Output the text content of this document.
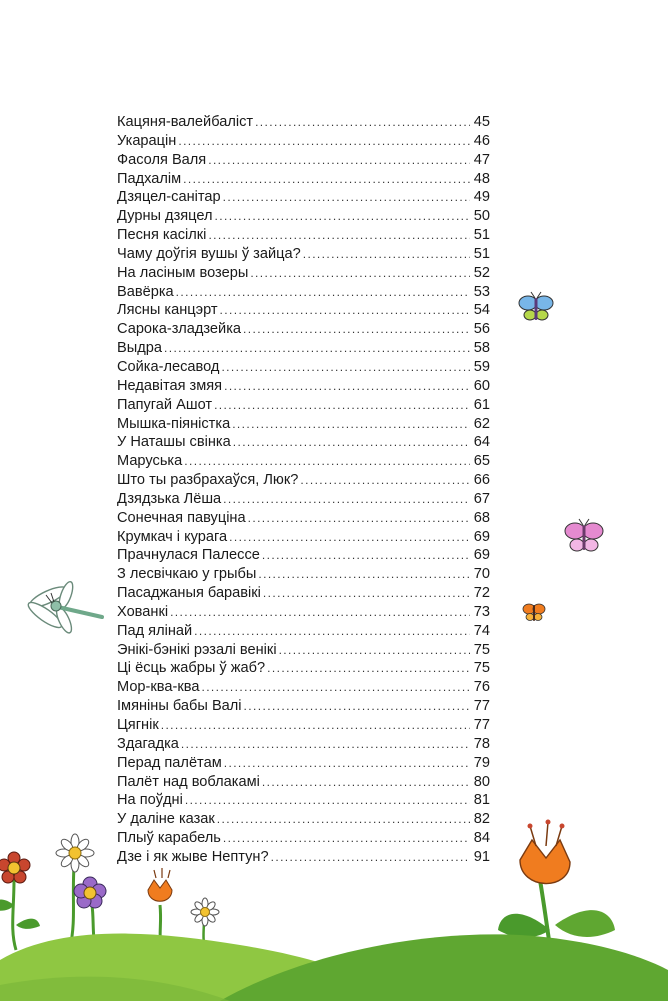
Кацяня-валейбаліст .....	45
Укарацін .....	46
Фасоля Валя .....	47
Падхалім .....	48
Дзяцел-санітар .....	49
Дурны дзяцел .....	50
Песня касілкі .....	51
Чаму доўгія вушы ў зайца? .....	51
На ласіным возеры .....	52
Вавёрка .....	53
Лясны канцэрт .....	54
Сарока-зладзейка .....	56
Выдра .....	58
Сойка-лесавод .....	59
Недавітая змяя .....	60
Папугай Ашот .....	61
Мышка-піяністка .....	62
У Наташы свінка .....	64
Маруська .....	65
Што ты разбрахаўся, Люк? .....	66
Дзядзька Лёша .....	67
Сонечная павуціна .....	68
Крумкач і курага .....	69
Прачнулася Палессе .....	69
З лесвічкаю у грыбы .....	70
Пасаджаныя баравікі .....	72
Хованкі .....	73
Пад ялінай .....	74
Энікі-бэнікі рэзалі венікі .....	75
Ці ёсць жабры ў жаб? .....	75
Мор-ква-ква .....	76
Імяніны бабы Валі .....	77
Цягнік .....	77
Здагадка .....	78
Перад палётам .....	79
Палёт над воблакамі .....	80
На поўдні .....	81
У даліне казак .....	82
Плыў карабель .....	84
Дзе і як жыве Нептун? .....	91
